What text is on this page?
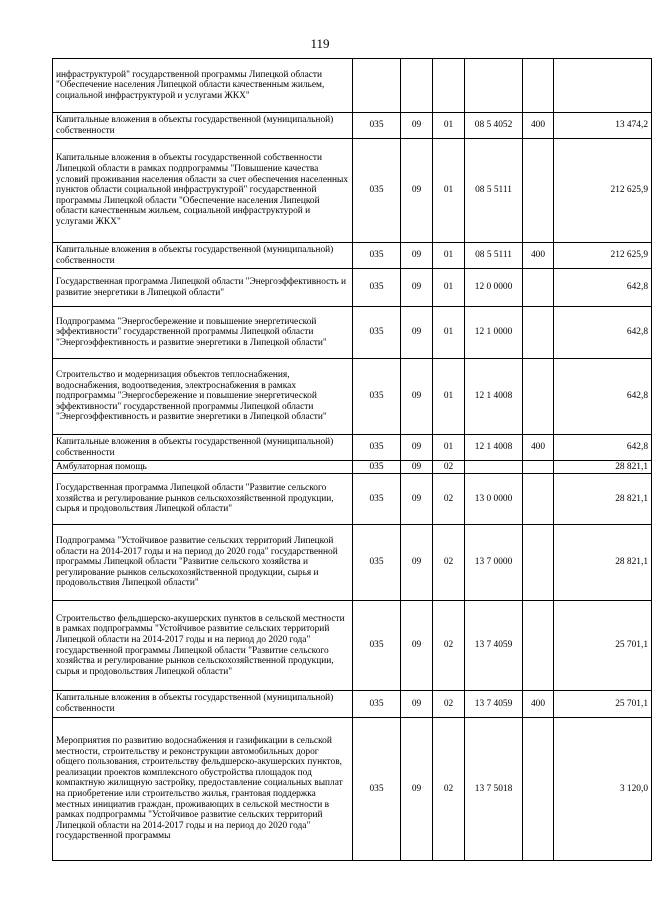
119
инфраструктурой" государственной программы Липецкой области "Обеспечение населения Липецкой области качественным жильем, социальной инфраструктурой и услугами ЖКХ"						
Капитальные вложения в объекты государственной (муниципальной) собственности	035	09	01	08 5 4052	400	13 474,2
Капитальные вложения в объекты государственной собственности Липецкой области в рамках подпрограммы "Повышение качества условий проживания населения области за счет обеспечения населенных пунктов области социальной инфраструктурой" государственной программы Липецкой области "Обеспечение населения Липецкой области качественным жильем, социальной инфраструктурой и услугами ЖКХ"	035	09	01	08 5 5111		212 625,9
Капитальные вложения в объекты государственной (муниципальной) собственности	035	09	01	08 5 5111	400	212 625,9
Государственная программа Липецкой области "Энергоэффективность и развитие энергетики в Липецкой области"	035	09	01	12 0 0000		642,8
Подпрограмма "Энергосбережение и повышение энергетической эффективности" государственной программы Липецкой области "Энергоэффективность и развитие энергетики в Липецкой области"	035	09	01	12 1 0000		642,8
Строительство и модернизация объектов теплоснабжения, водоснабжения, водоотведения, электроснабжения в рамках подпрограммы "Энергосбережение и повышение энергетической эффективности" государственной программы Липецкой области "Энергоэффективность и развитие энергетики в Липецкой области"	035	09	01	12 1 4008		642,8
Капитальные вложения в объекты государственной (муниципальной) собственности	035	09	01	12 1 4008	400	642,8
Амбулаторная помощь	035	09	02			28 821,1
Государственная программа Липецкой области "Развитие сельского хозяйства и регулирование рынков сельскохозяйственной продукции, сырья и продовольствия Липецкой области"	035	09	02	13 0 0000		28 821,1
Подпрограмма "Устойчивое развитие сельских территорий Липецкой области на 2014-2017 годы и на период до 2020 года" государственной программы Липецкой области "Развитие сельского хозяйства и регулирование рынков сельскохозяйственной продукции, сырья и продовольствия Липецкой области"	035	09	02	13 7 0000		28 821,1
Строительство фельдшерско-акушерских пунктов в сельской местности в рамках подпрограммы "Устойчивое развитие сельских территорий Липецкой области на 2014-2017 годы и на период до 2020 года" государственной программы Липецкой области "Развитие сельского хозяйства и регулирование рынков сельскохозяйственной продукции, сырья и продовольствия Липецкой области"	035	09	02	13 7 4059		25 701,1
Капитальные вложения в объекты государственной (муниципальной) собственности	035	09	02	13 7 4059	400	25 701,1
Мероприятия по развитию водоснабжения и газификации в сельской местности, строительству и реконструкции автомобильных дорог общего пользования, строительству фельдшерско-акушерских пунктов, реализации проектов комплексного обустройства площадок под компактную жилищную застройку, предоставление социальных выплат на приобретение или строительство жилья, грантовая поддержка местных инициатив граждан, проживающих в сельской местности в рамках подпрограммы "Устойчивое развитие сельских территорий Липецкой области на 2014-2017 годы и на период до 2020 года" государственной программы	035	09	02	13 7 5018		3 120,0
